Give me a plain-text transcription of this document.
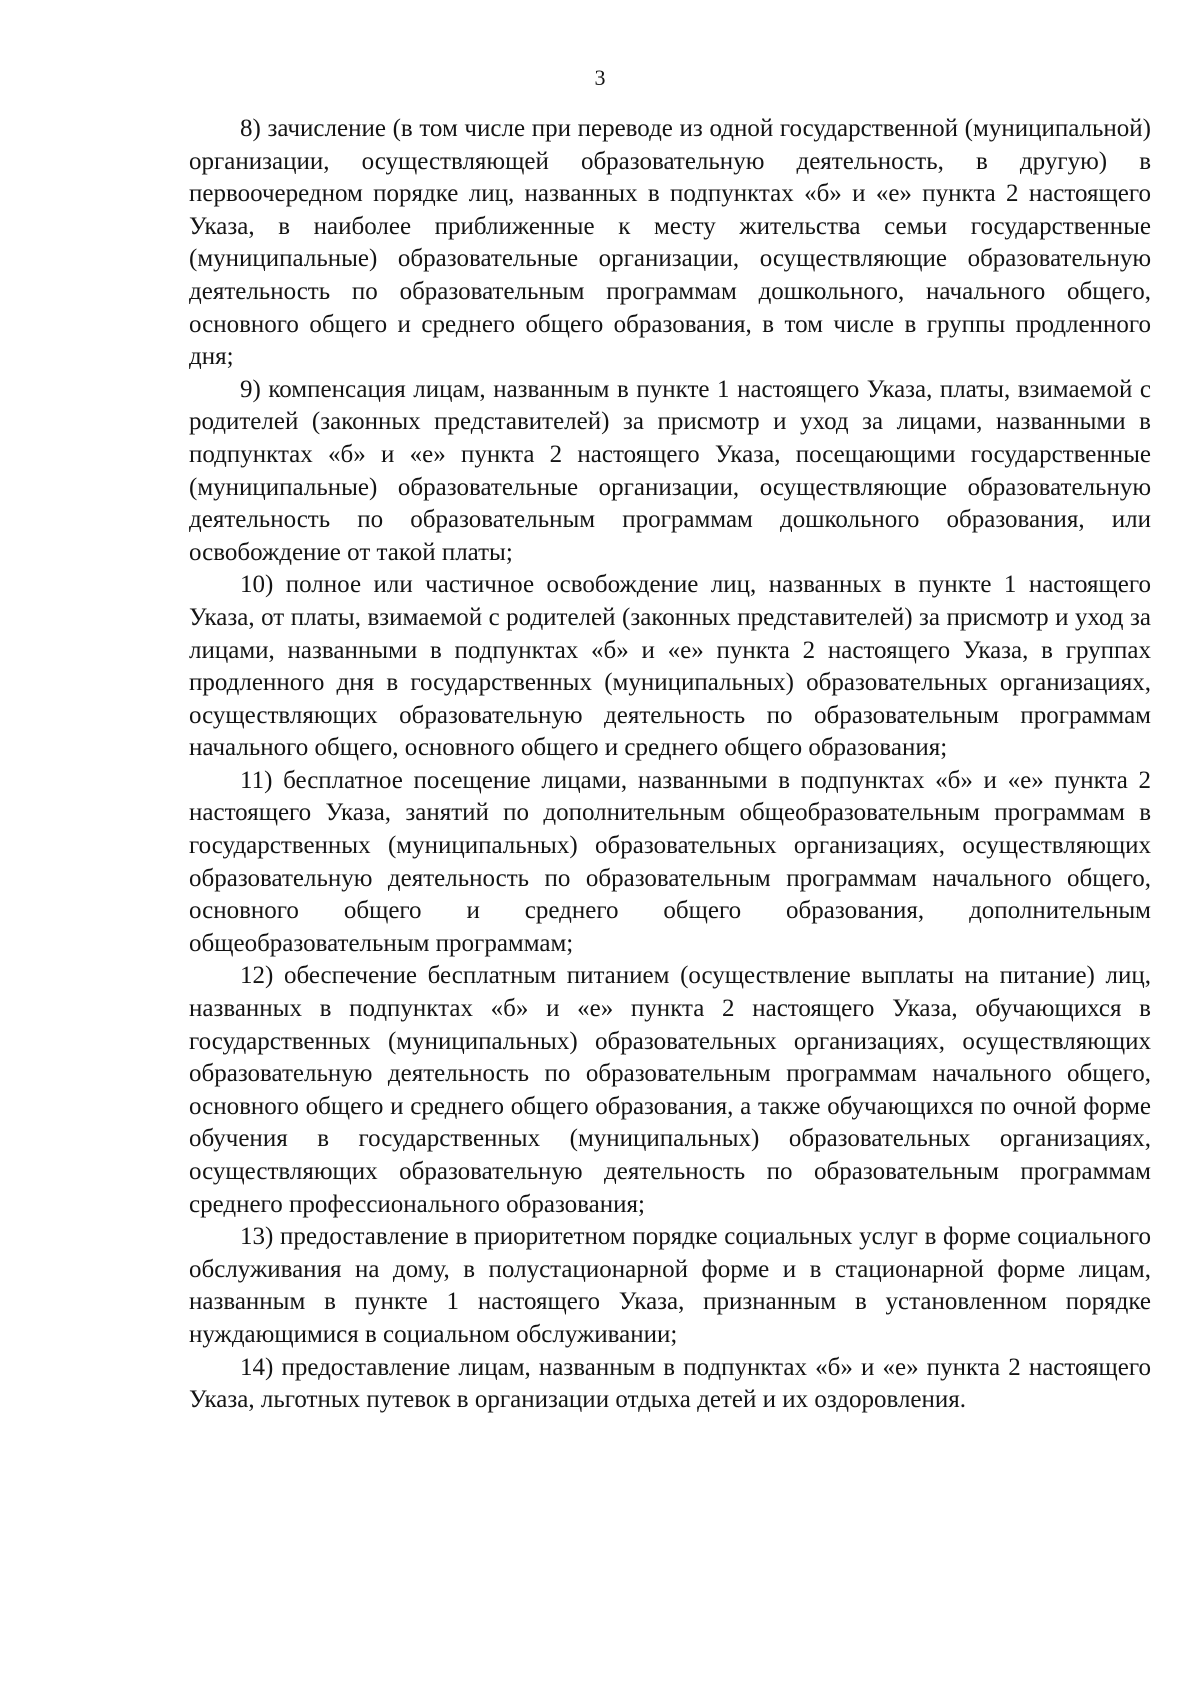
3

8) зачисление (в том числе при переводе из одной государственной (муниципальной) организации, осуществляющей образовательную деятельность, в другую) в первоочередном порядке лиц, названных в подпунктах «б» и «е» пункта 2 настоящего Указа, в наиболее приближенные к месту жительства семьи государственные (муниципальные) образовательные организации, осуществляющие образовательную деятельность по образовательным программам дошкольного, начального общего, основного общего и среднего общего образования, в том числе в группы продленного дня;

9) компенсация лицам, названным в пункте 1 настоящего Указа, платы, взимаемой с родителей (законных представителей) за присмотр и уход за лицами, названными в подпунктах «б» и «е» пункта 2 настоящего Указа, посещающими государственные (муниципальные) образовательные организации, осуществляющие образовательную деятельность по образовательным программам дошкольного образования, или освобождение от такой платы;

10) полное или частичное освобождение лиц, названных в пункте 1 настоящего Указа, от платы, взимаемой с родителей (законных представителей) за присмотр и уход за лицами, названными в подпунктах «б» и «е» пункта 2 настоящего Указа, в группах продленного дня в государственных (муниципальных) образовательных организациях, осуществляющих образовательную деятельность по образовательным программам начального общего, основного общего и среднего общего образования;

11) бесплатное посещение лицами, названными в подпунктах «б» и «е» пункта 2 настоящего Указа, занятий по дополнительным общеобразовательным программам в государственных (муниципальных) образовательных организациях, осуществляющих образовательную деятельность по образовательным программам начального общего, основного общего и среднего общего образования, дополнительным общеобразовательным программам;

12) обеспечение бесплатным питанием (осуществление выплаты на питание) лиц, названных в подпунктах «б» и «е» пункта 2 настоящего Указа, обучающихся в государственных (муниципальных) образовательных организациях, осуществляющих образовательную деятельность по образовательным программам начального общего, основного общего и среднего общего образования, а также обучающихся по очной форме обучения в государственных (муниципальных) образовательных организациях, осуществляющих образовательную деятельность по образовательным программам среднего профессионального образования;

13) предоставление в приоритетном порядке социальных услуг в форме социального обслуживания на дому, в полустационарной форме и в стационарной форме лицам, названным в пункте 1 настоящего Указа, признанным в установленном порядке нуждающимися в социальном обслуживании;

14) предоставление лицам, названным в подпунктах «б» и «е» пункта 2 настоящего Указа, льготных путевок в организации отдыха детей и их оздоровления.
